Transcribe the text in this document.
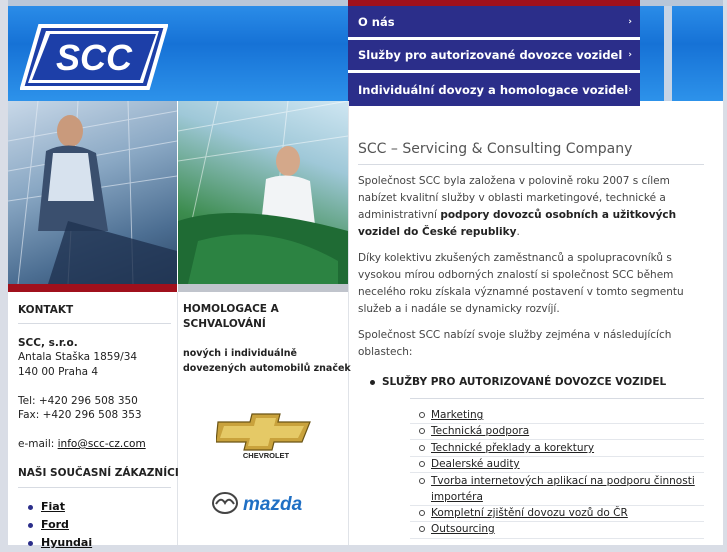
SCC
O nás	›
Služby pro autorizované dovozce vozidel ›
Individuální dovozy a homologace vozidel ›
KONTAKT
SCC, s.r.o.
Antala Staška 1859/34
140 00 Praha 4
Tel: +420 296 508 350
Fax: +420 296 508 353
e-mail: info@scc-cz.com
NAŠI SOUČASNÍ ZÁKAZNÍCI
Fiat
Ford
Hyundai
HOMOLOGACE A
SCHVALOVÁNÍ
nových i individuálně
dovezených automobilů značek
CHEVROLET
mazda
SCC – Servicing & Consulting Company
Společnost SCC byla založena v polovině roku 2007 s cílem nabízet kvalitní služby v oblasti marketingové, technické a administrativní podpory dovozců osobních a užitkových vozidel do České republiky.
Díky kolektivu zkušených zaměstnanců a spolupracovníků s vysokou mírou odborných znalostí si společnost SCC během necelého roku získala významné postavení v tomto segmentu služeb a i nadále se dynamicky rozvíjí.
Společnost SCC nabízí svoje služby zejména v následujících oblastech:
SLUŽBY PRO AUTORIZOVANÉ DOVOZCE VOZIDEL
Marketing
Technická podpora
Technické překlady a korektury
Dealerské audity
Tvorba internetových aplikací na podporu činnosti
importéra
Kompletní zjištění dovozu vozů do ČR
Outsourcing
